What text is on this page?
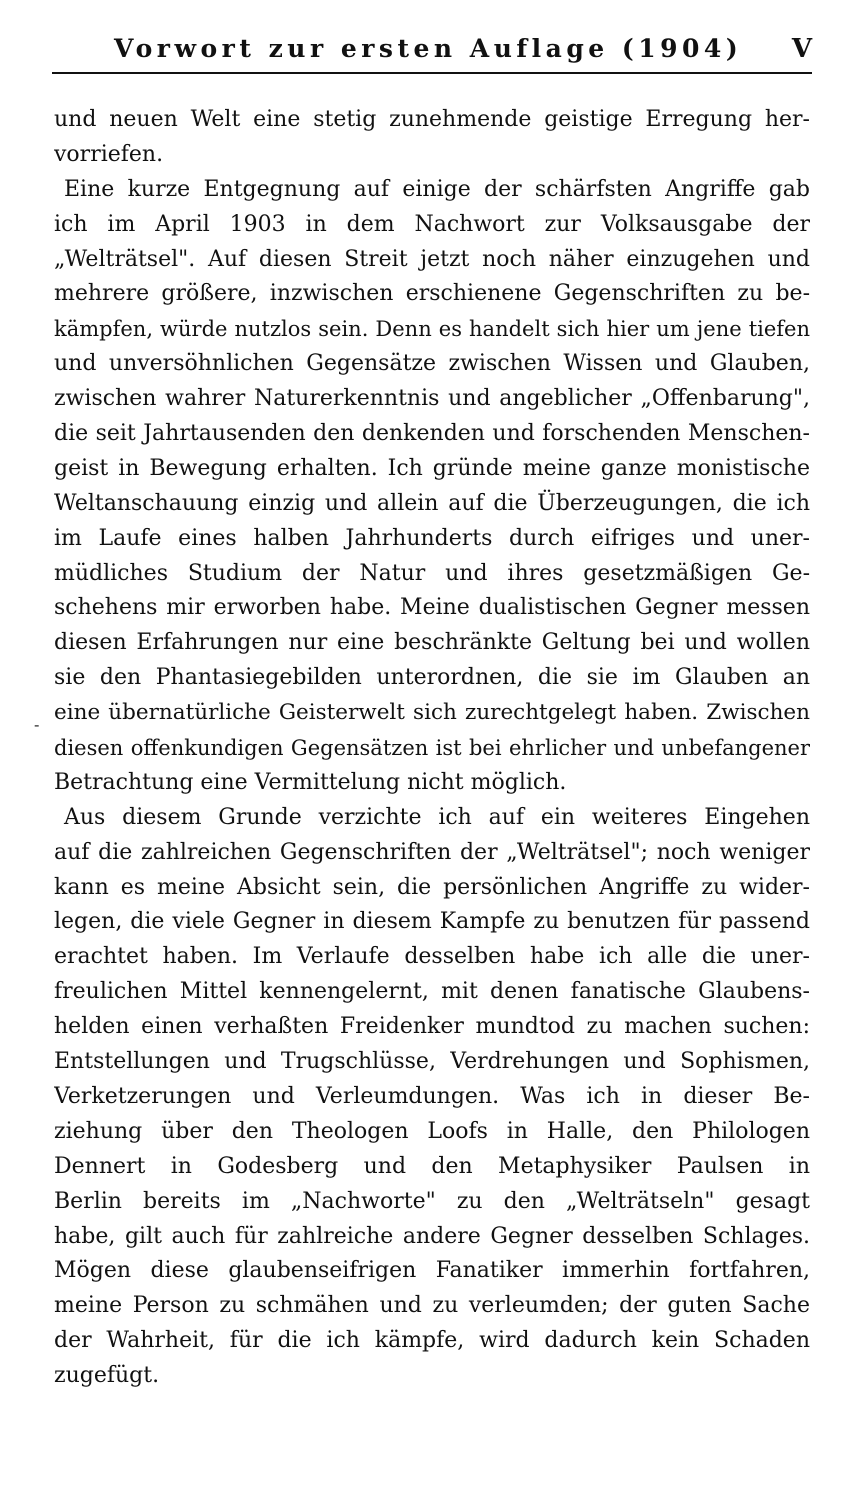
Vorwort zur ersten Auflage (1904) V
-
und neuen Welt eine stetig zunehmende geistige Erregung her-
vorriefen.
Eine kurze Entgegnung auf einige der schärfsten Angriffe gab
ich im April 1903 in dem Nachwort zur Volksausgabe der
„Welträtsel". Auf diesen Streit jetzt noch näher einzugehen und
mehrere größere, inzwischen erschienene Gegenschriften zu be-
kämpfen, würde nutzlos sein. Denn es handelt sich hier um jene tiefen
und unversöhnlichen Gegensätze zwischen Wissen und Glauben,
zwischen wahrer Naturerkenntnis und angeblicher „Offenbarung",
die seit Jahrtausenden den denkenden und forschenden Menschen-
geist in Bewegung erhalten. Ich gründe meine ganze monistische
Weltanschauung einzig und allein auf die Überzeugungen, die ich
im Laufe eines halben Jahrhunderts durch eifriges und uner-
müdliches Studium der Natur und ihres gesetzmäßigen Ge-
schehens mir erworben habe. Meine dualistischen Gegner messen
diesen Erfahrungen nur eine beschränkte Geltung bei und wollen
sie den Phantasiegebilden unterordnen, die sie im Glauben an
eine übernatürliche Geisterwelt sich zurechtgelegt haben. Zwischen
diesen offenkundigen Gegensätzen ist bei ehrlicher und unbefangener
Betrachtung eine Vermittelung nicht möglich.
Aus diesem Grunde verzichte ich auf ein weiteres Eingehen
auf die zahlreichen Gegenschriften der „Welträtsel"; noch weniger
kann es meine Absicht sein, die persönlichen Angriffe zu wider-
legen, die viele Gegner in diesem Kampfe zu benutzen für passend
erachtet haben. Im Verlaufe desselben habe ich alle die uner-
freulichen Mittel kennengelernt, mit denen fanatische Glaubens-
helden einen verhaßten Freidenker mundtod zu machen suchen:
Entstellungen und Trugschlüsse, Verdrehungen und Sophismen,
Verketzerungen und Verleumdungen. Was ich in dieser Be-
ziehung über den Theologen Loofs in Halle, den Philologen
Dennert in Godesberg und den Metaphysiker Paulsen in
Berlin bereits im „Nachworte" zu den „Welträtseln" gesagt
habe, gilt auch für zahlreiche andere Gegner desselben Schlages.
Mögen diese glaubenseifrigen Fanatiker immerhin fortfahren,
meine Person zu schmähen und zu verleumden; der guten Sache
der Wahrheit, für die ich kämpfe, wird dadurch kein Schaden
zugefügt.
